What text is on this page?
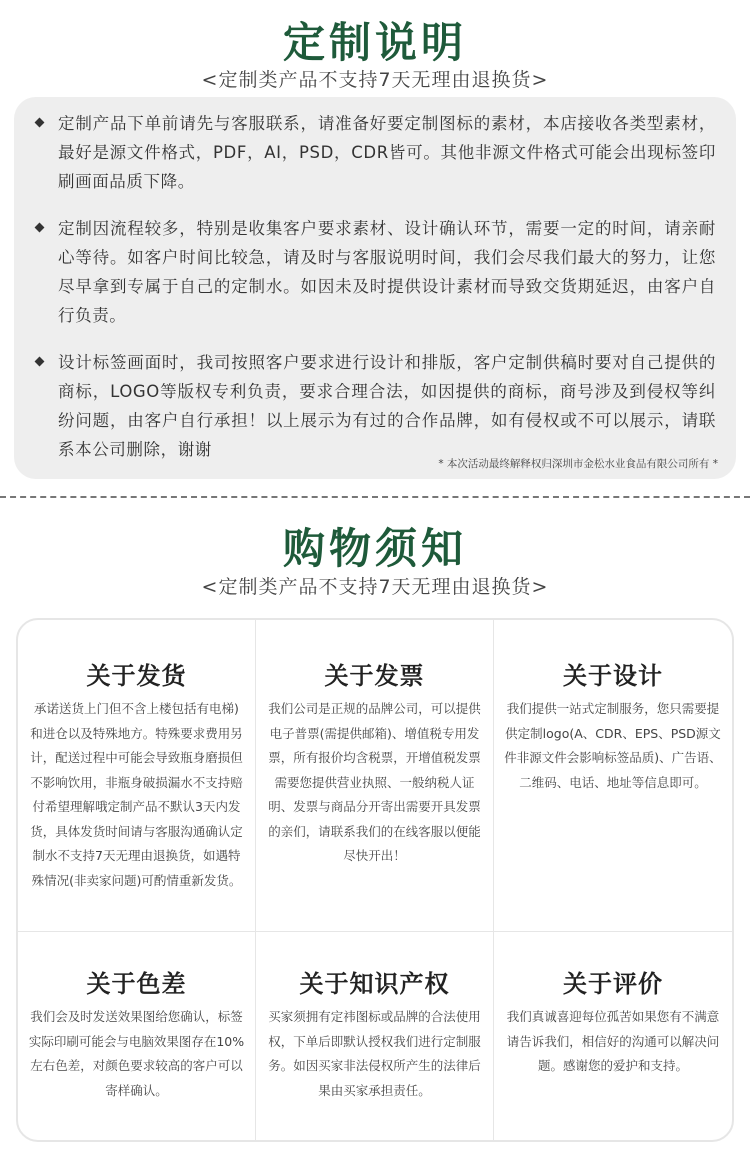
定制说明
<定制类产品不支持7天无理由退换货>
定制产品下单前请先与客服联系，请准备好要定制图标的素材，本店接收各类型素材，最好是源文件格式，PDF，AI，PSD，CDR皆可。其他非源文件格式可能会出现标签印刷画面品质下降。
定制因流程较多，特别是收集客户要求素材、设计确认环节，需要一定的时间，请亲耐心等待。如客户时间比较急，请及时与客服说明时间，我们会尽我们最大的努力，让您尽早拿到专属于自己的定制水。如因未及时提供设计素材而导致交货期延迟，由客户自行负责。
设计标签画面时，我司按照客户要求进行设计和排版，客户定制供稿时要对自己提供的商标，LOGO等版权专利负责，要求合理合法，如因提供的商标，商号涉及到侵权等纠纷问题，由客户自行承担！以上展示为有过的合作品牌，如有侵权或不可以展示，请联系本公司删除，谢谢
* 本次活动最终解释权归深圳市金松水业食品有限公司所有 *
购物须知
<定制类产品不支持7天无理由退换货>
关于发货

承诺送货上门但不含上楼包括有电梯)和进仓以及特殊地方。特殊要求费用另计，配送过程中可能会导致瓶身磨损但不影响饮用，非瓶身破损漏水不支持赔付希望理解哦定制产品不默认3天内发货，具体发货时间请与客服沟通确认定制水不支持7天无理由退换货，如遇特殊情况(非卖家问题)可酌情重新发货。

关于发票

我们公司是正规的品牌公司，可以提供电子普票(需提供邮箱)、增值税专用发票，所有报价均含税票，开增值税发票需要您提供营业执照、一般纳税人证明、发票与商品分开寄出需要开具发票的亲们，请联系我们的在线客服以便能尽快开出！

关于设计

我们提供一站式定制服务，您只需要提供定制logo(A、CDR、EPS、PSD源文件非源文件会影响标签品质)、广告语、二维码、电话、地址等信息即可。

关于色差

我们会及时发送效果图给您确认，标签实际印刷可能会与电脑效果图存在10%左右色差，对颜色要求较高的客户可以寄样确认。

关于知识产权

买家须拥有定祎图标或品牌的合法使用权，下单后即默认授权我们进行定制服务。如因买家非法侵权所产生的法律后果由买家承担责任。

关于评价

我们真诚喜迎每位孤苦如果您有不满意请告诉我们，相信好的沟通可以解决问题。感谢您的爱护和支持。
